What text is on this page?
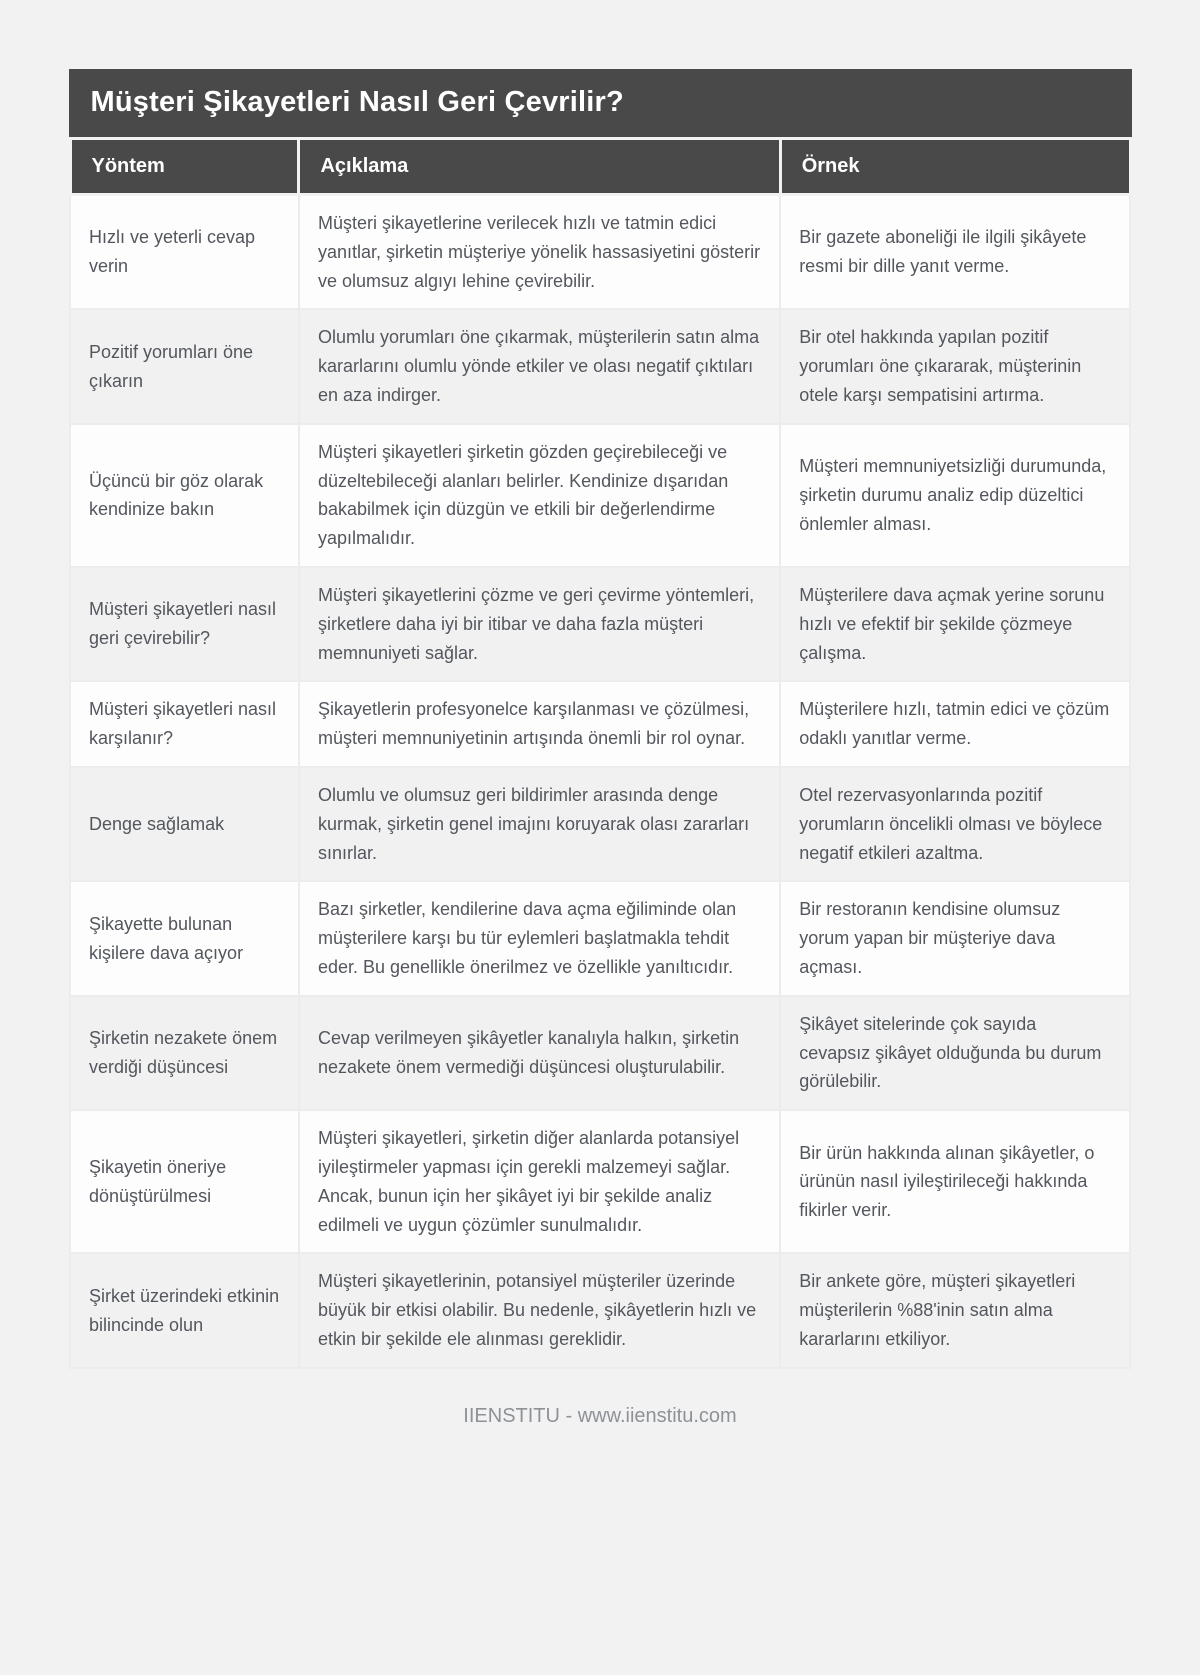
Müşteri Şikayetleri Nasıl Geri Çevrilir?
Yöntem	Açıklama	Örnek
Hızlı ve yeterli cevap verin	Müşteri şikayetlerine verilecek hızlı ve tatmin edici yanıtlar, şirketin müşteriye yönelik hassasiyetini gösterir ve olumsuz algıyı lehine çevirebilir.	Bir gazete aboneliği ile ilgili şikâyete resmi bir dille yanıt verme.
Pozitif yorumları öne çıkarın	Olumlu yorumları öne çıkarmak, müşterilerin satın alma kararlarını olumlu yönde etkiler ve olası negatif çıktıları en aza indirger.	Bir otel hakkında yapılan pozitif yorumları öne çıkararak, müşterinin otele karşı sempatisini artırma.
Üçüncü bir göz olarak kendinize bakın	Müşteri şikayetleri şirketin gözden geçirebileceği ve düzeltebileceği alanları belirler. Kendinize dışarıdan bakabilmek için düzgün ve etkili bir değerlendirme yapılmalıdır.	Müşteri memnuniyetsizliği durumunda, şirketin durumu analiz edip düzeltici önlemler alması.
Müşteri şikayetleri nasıl geri çevirebilir?	Müşteri şikayetlerini çözme ve geri çevirme yöntemleri, şirketlere daha iyi bir itibar ve daha fazla müşteri memnuniyeti sağlar.	Müşterilere dava açmak yerine sorunu hızlı ve efektif bir şekilde çözmeye çalışma.
Müşteri şikayetleri nasıl karşılanır?	Şikayetlerin profesyonelce karşılanması ve çözülmesi, müşteri memnuniyetinin artışında önemli bir rol oynar.	Müşterilere hızlı, tatmin edici ve çözüm odaklı yanıtlar verme.
Denge sağlamak	Olumlu ve olumsuz geri bildirimler arasında denge kurmak, şirketin genel imajını koruyarak olası zararları sınırlar.	Otel rezervasyonlarında pozitif yorumların öncelikli olması ve böylece negatif etkileri azaltma.
Şikayette bulunan kişilere dava açıyor	Bazı şirketler, kendilerine dava açma eğiliminde olan müşterilere karşı bu tür eylemleri başlatmakla tehdit eder. Bu genellikle önerilmez ve özellikle yanıltıcıdır.	Bir restoranın kendisine olumsuz yorum yapan bir müşteriye dava açması.
Şirketin nezakete önem verdiği düşüncesi	Cevap verilmeyen şikâyetler kanalıyla halkın, şirketin nezakete önem vermediği düşüncesi oluşturulabilir.	Şikâyet sitelerinde çok sayıda cevapsız şikâyet olduğunda bu durum görülebilir.
Şikayetin öneriye dönüştürülmesi	Müşteri şikayetleri, şirketin diğer alanlarda potansiyel iyileştirmeler yapması için gerekli malzemeyi sağlar. Ancak, bunun için her şikâyet iyi bir şekilde analiz edilmeli ve uygun çözümler sunulmalıdır.	Bir ürün hakkında alınan şikâyetler, o ürünün nasıl iyileştirileceği hakkında fikirler verir.
Şirket üzerindeki etkinin bilincinde olun	Müşteri şikayetlerinin, potansiyel müşteriler üzerinde büyük bir etkisi olabilir. Bu nedenle, şikâyetlerin hızlı ve etkin bir şekilde ele alınması gereklidir.	Bir ankete göre, müşteri şikayetleri müşterilerin %88'inin satın alma kararlarını etkiliyor.
IIENSTITU - www.iienstitu.com
